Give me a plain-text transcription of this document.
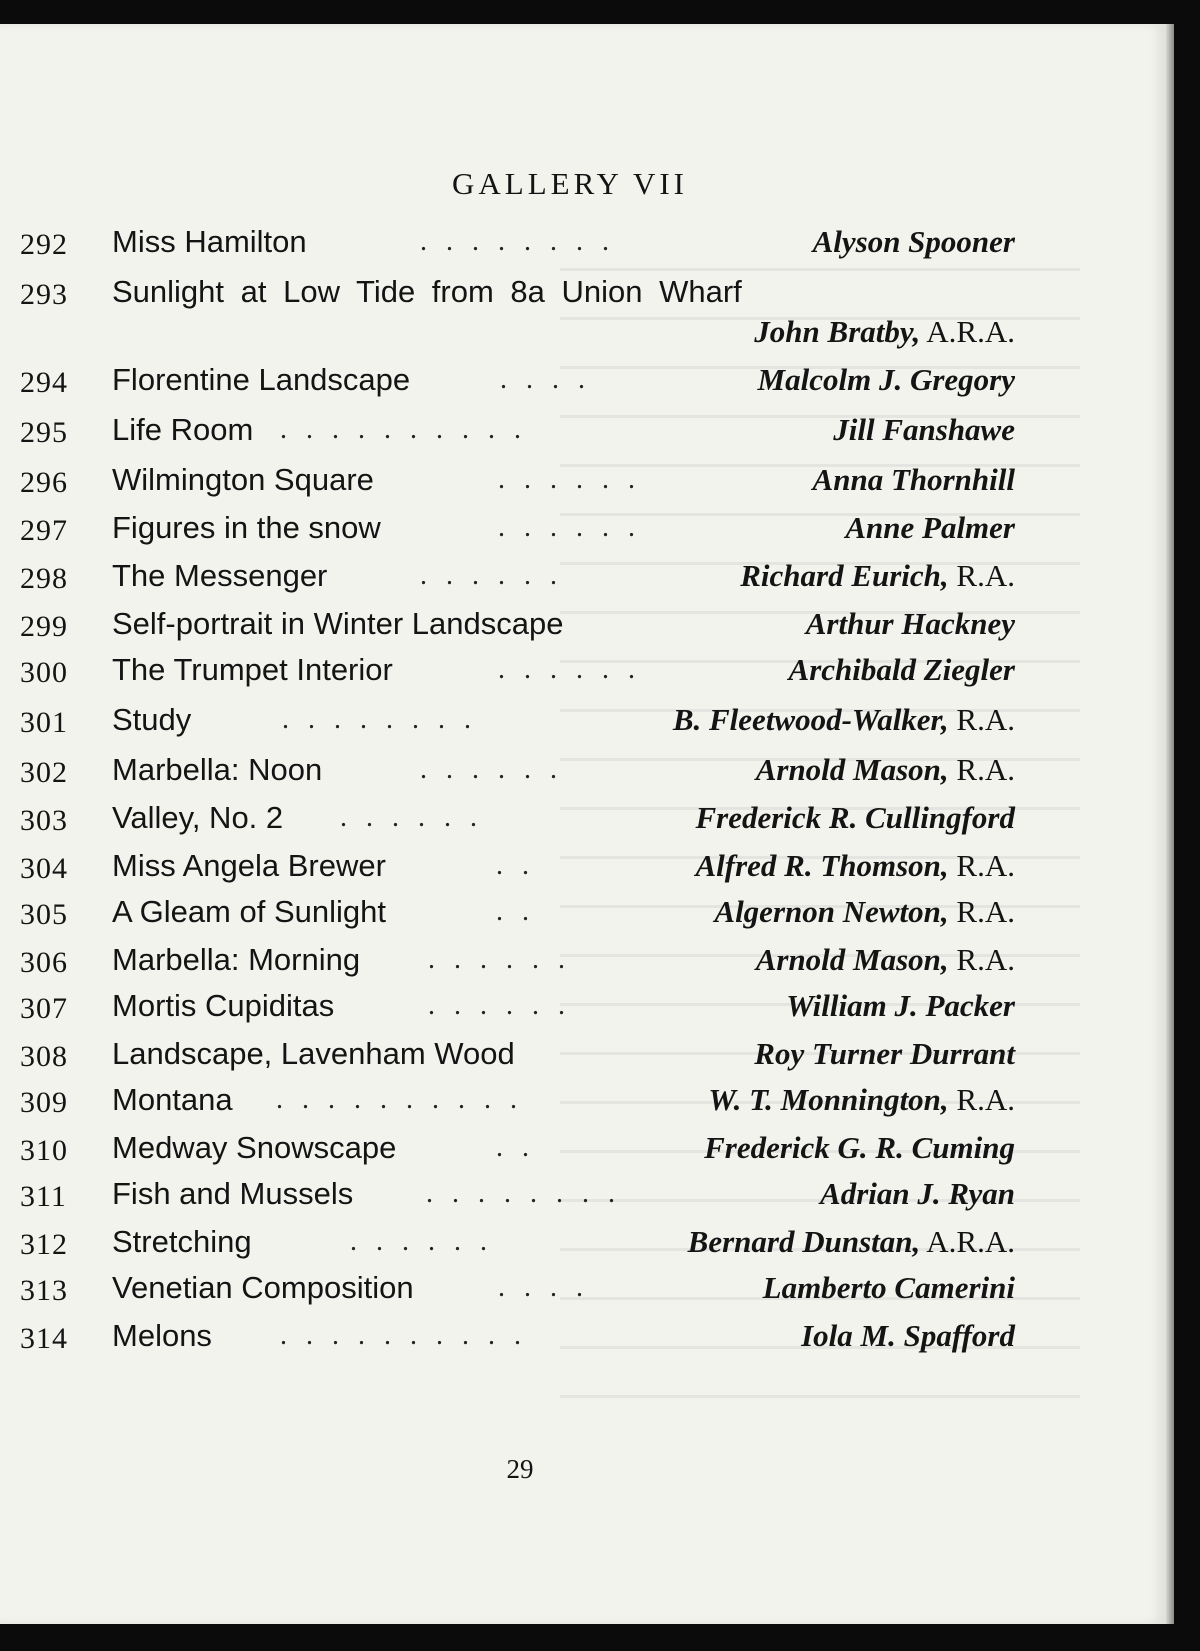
GALLERY VII
292 Miss Hamilton	. . . . . . . .	Alyson Spooner
293 Sunlight at Low Tide from 8a Union Wharf
John Bratby, A.R.A.
294 Florentine Landscape	. . . .	Malcolm J. Gregory
295 Life Room . . . . . . . . . .	Jill Fanshawe
296 Wilmington Square	. . . . . .	Anna Thornhill
297 Figures in the snow	. . . . . .	Anne Palmer
298 The Messenger	. . . . . .	Richard Eurich, R.A.
299 Self-portrait in Winter Landscape	Arthur Hackney
300 The Trumpet Interior	. . . . . .	Archibald Ziegler
301 Study	. . . . . . . .	B. Fleetwood-Walker, R.A.
302 Marbella: Noon	. . . . . .	Arnold Mason, R.A.
303 Valley, No. 2 . . . . . .	Frederick R. Cullingford
304 Miss Angela Brewer	. .	Alfred R. Thomson, R.A.
305 A Gleam of Sunlight	. .	Algernon Newton, R.A.
306 Marbella: Morning . . . . . .	Arnold Mason, R.A.
307 Mortis Cupiditas	. . . . . .	William J. Packer
308 Landscape, Lavenham Wood	Roy Turner Durrant
309 Montana . . . . . . . . . .	W. T. Monnington, R.A.
310 Medway Snowscape	. .	Frederick G. R. Cuming
311 Fish and Mussels	. . . . . . . .	Adrian J. Ryan
312 Stretching	. . . . . .	Bernard Dunstan, A.R.A.
313 Venetian Composition	. . . .	Lamberto Camerini
314 Melons . . . . . . . . . .	Iola M. Spafford
29
